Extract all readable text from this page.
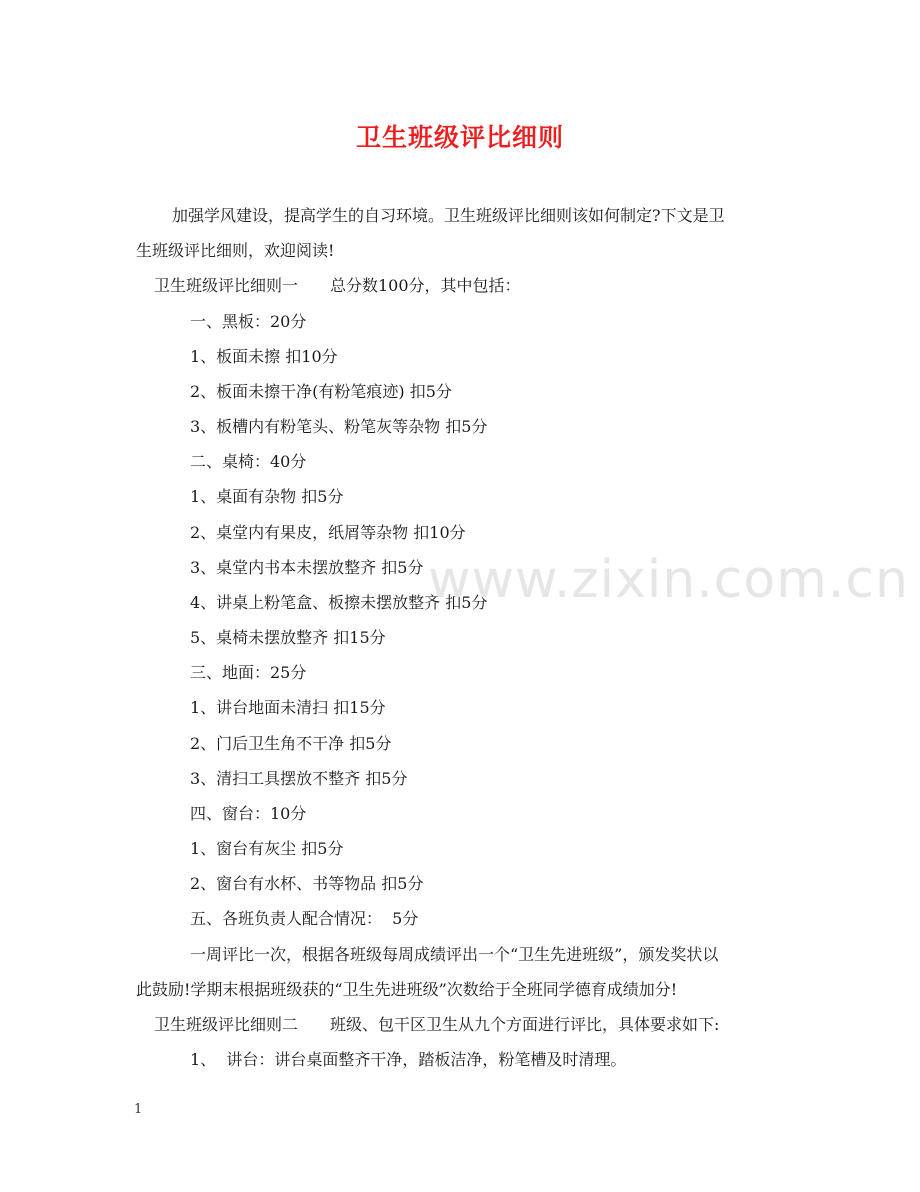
卫生班级评比细则
加强学风建设，提高学生的自习环境。卫生班级评比细则该如何制定?下文是卫
生班级评比细则，欢迎阅读!
卫生班级评比细则一　　总分数100分，其中包括：
一、黑板：20分
1、板面未擦 扣10分
2、板面未擦干净(有粉笔痕迹) 扣5分
3、板槽内有粉笔头、粉笔灰等杂物 扣5分
二、桌椅：40分
1、桌面有杂物 扣5分
2、桌堂内有果皮，纸屑等杂物 扣10分
3、桌堂内书本未摆放整齐 扣5分
4、讲桌上粉笔盒、板擦未摆放整齐 扣5分
5、桌椅未摆放整齐 扣15分
三、地面：25分
1、讲台地面未清扫 扣15分
2、门后卫生角不干净 扣5分
3、清扫工具摆放不整齐 扣5分
四、窗台：10分
1、窗台有灰尘 扣5分
2、窗台有水杯、书等物品 扣5分
五、各班负责人配合情况：  5分
一周评比一次，根据各班级每周成绩评出一个“卫生先进班级”，颁发奖状以
此鼓励!学期末根据班级获的“卫生先进班级”次数给于全班同学德育成绩加分!
卫生班级评比细则二　　班级、包干区卫生从九个方面进行评比，具体要求如下:
1、  讲台：讲台桌面整齐干净，踏板洁净，粉笔槽及时清理。
www.zixin.com.cn
1
